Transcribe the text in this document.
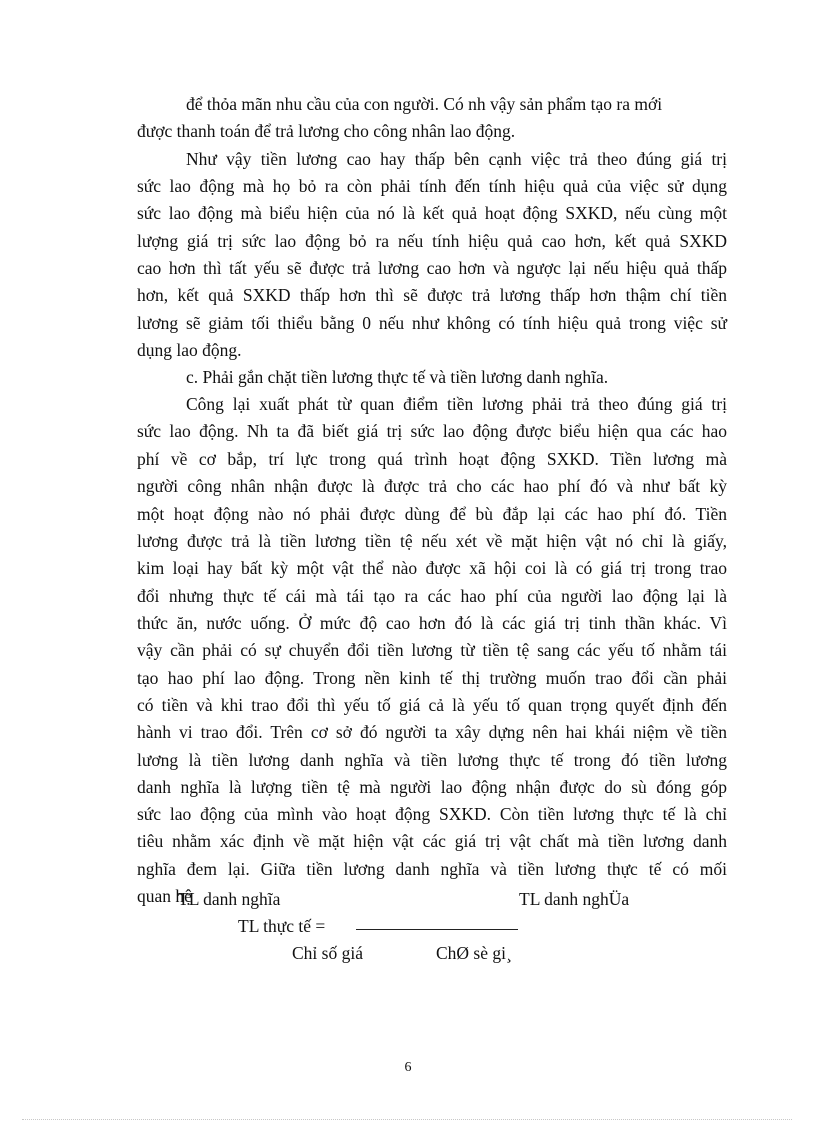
để thỏa mãn nhu cầu của con người. Có nh vậy sản phẩm tạo ra mới
được thanh toán để trả lương cho công nhân lao động.
Như vậy tiền lương cao hay thấp bên cạnh việc trả theo đúng giá trị
sức lao động mà họ bỏ ra còn phải tính đến tính hiệu quả của việc sử dụng
sức lao động mà biểu hiện của nó là kết quả hoạt động SXKD, nếu cùng một
lượng giá trị sức lao động bỏ ra nếu tính hiệu quả cao hơn, kết quả SXKD
cao hơn thì tất yếu sẽ được trả lương cao hơn và ngược lại nếu hiệu quả thấp
hơn, kết quả SXKD thấp hơn thì sẽ được trả lương thấp hơn thậm chí tiền
lương sẽ giảm tối thiểu bằng 0 nếu như không có tính hiệu quả trong việc sử
dụng lao động.
c. Phải gắn chặt tiền lương thực tế và tiền lương danh nghĩa.
Công lại xuất phát từ quan điểm tiền lương phải trả theo đúng giá trị
sức lao động. Nh ta đã biết giá trị sức lao động được biểu hiện qua các hao
phí về cơ bắp, trí lực trong quá trình hoạt động SXKD. Tiền lương mà
người công nhân nhận được là được trả cho các hao phí đó và như bất kỳ
một hoạt động nào nó phải được dùng để bù đắp lại các hao phí đó. Tiền
lương được trả là tiền lương tiền tệ nếu xét về mặt hiện vật nó chỉ là giấy,
kim loại hay bất kỳ một vật thể nào được xã hội coi là có giá trị trong trao
đổi nhưng thực tế cái mà tái tạo ra các hao phí của người lao động lại là
thức ăn, nước uống. Ở mức độ cao hơn đó là các giá trị tinh thần khác. Vì
vậy cần phải có sự chuyển đổi tiền lương từ tiền tệ sang các yếu tố nhằm tái
tạo hao phí lao động. Trong nền kinh tế thị trường muốn trao đổi cần phải
có tiền và khi trao đổi thì yếu tố giá cả là yếu tố quan trọng quyết định đến
hành vi trao đổi. Trên cơ sở đó người ta xây dựng nên hai khái niệm về tiền
lương là tiền lương danh nghĩa và tiền lương thực tế trong đó tiền lương
danh nghĩa là lượng tiền tệ mà người lao động nhận được do sù đóng góp
sức lao động của mình vào hoạt động SXKD. Còn tiền lương thực tế là chỉ
tiêu nhằm xác định về mặt hiện vật các giá trị vật chất mà tiền lương danh
nghĩa đem lại. Giữa tiền lương danh nghĩa và tiền lương thực tế có mối
quan hệ
TL danh nghĩa	TL danh nghÜa
TL thực tế =
Chỉ số giá	ChØ sè gi¸
6
